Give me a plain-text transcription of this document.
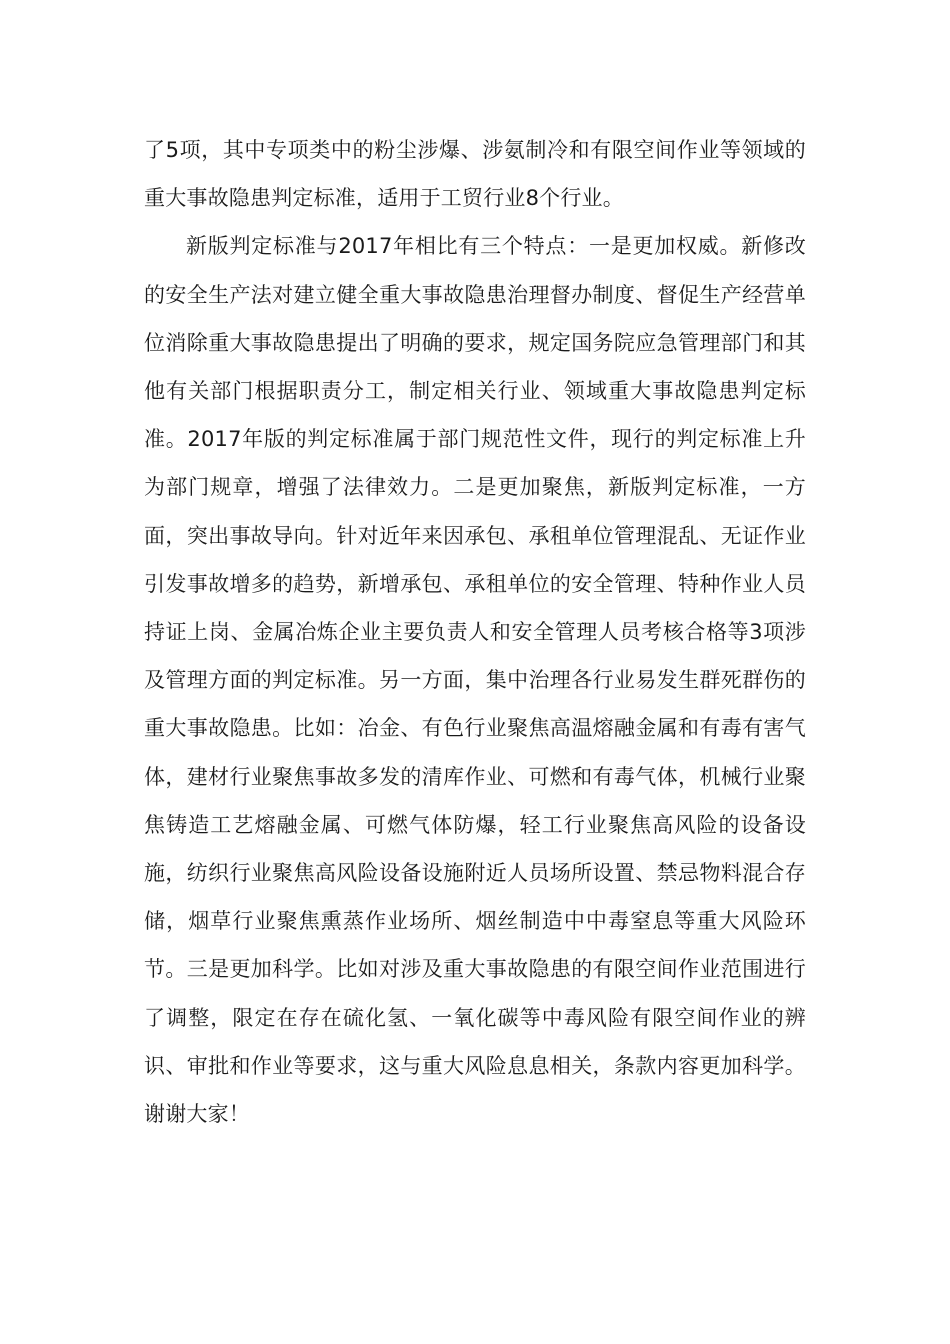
了5项，其中专项类中的粉尘涉爆、涉氨制冷和有限空间作业等领域的重大事故隐患判定标准，适用于工贸行业8个行业。

新版判定标准与2017年相比有三个特点：一是更加权威。新修改的安全生产法对建立健全重大事故隐患治理督办制度、督促生产经营单位消除重大事故隐患提出了明确的要求，规定国务院应急管理部门和其他有关部门根据职责分工，制定相关行业、领域重大事故隐患判定标准。2017年版的判定标准属于部门规范性文件，现行的判定标准上升为部门规章，增强了法律效力。二是更加聚焦，新版判定标准，一方面，突出事故导向。针对近年来因承包、承租单位管理混乱、无证作业引发事故增多的趋势，新增承包、承租单位的安全管理、特种作业人员持证上岗、金属冶炼企业主要负责人和安全管理人员考核合格等3项涉及管理方面的判定标准。另一方面，集中治理各行业易发生群死群伤的重大事故隐患。比如：冶金、有色行业聚焦高温熔融金属和有毒有害气体，建材行业聚焦事故多发的清库作业、可燃和有毒气体，机械行业聚焦铸造工艺熔融金属、可燃气体防爆，轻工行业聚焦高风险的设备设施，纺织行业聚焦高风险设备设施附近人员场所设置、禁忌物料混合存储，烟草行业聚焦熏蒸作业场所、烟丝制造中中毒窒息等重大风险环节。三是更加科学。比如对涉及重大事故隐患的有限空间作业范围进行了调整，限定在存在硫化氢、一氧化碳等中毒风险有限空间作业的辨识、审批和作业等要求，这与重大风险息息相关，条款内容更加科学。谢谢大家！
